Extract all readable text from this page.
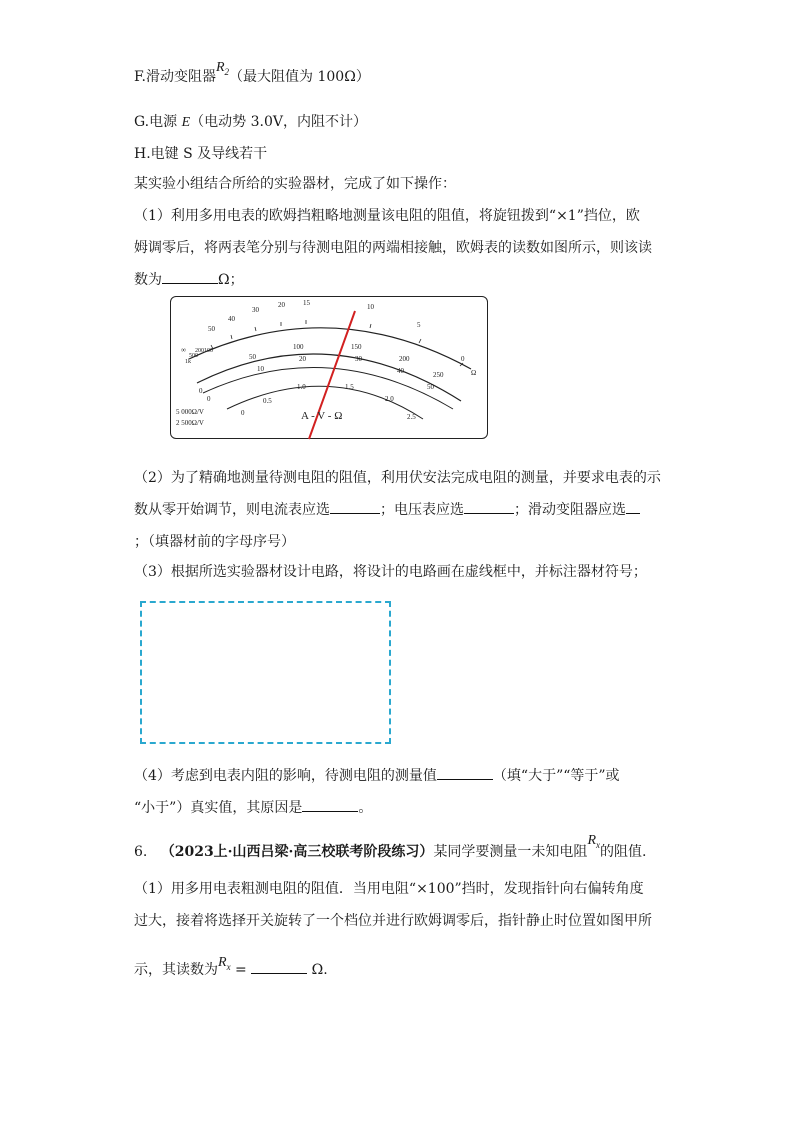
F.滑动变阻器$R_2$（最大阻值为 100Ω）
G.电源 E（电动势 3.0V，内阻不计）
H.电键 S 及导线若干
某实验小组结合所给的实验器材，完成了如下操作：
（1）利用多用电表的欧姆挡粗略地测量该电阻的阻值，将旋钮拨到“×1”挡位，欧
姆调零后，将两表笔分别与待测电阻的两端相接触，欧姆表的读数如图所示，则该读
数为	Ω；
50
40
30
20	15	10
5
0
Ω
∞
1k
500
200100
0
50
100	150
200
250
0
10
20	30
40
50
0
0.5
1.0	1.5
2.0
2.5
A - V - Ω
5 000Ω/V
2 500Ω/V
（2）为了精确地测量待测电阻的阻值，利用伏安法完成电阻的测量，并要求电表的示
数从零开始调节，则电流表应选	；电压表应选	；滑动变阻器应选
；（填器材前的字母序号）
（3）根据所选实验器材设计电路，将设计的电路画在虚线框中，并标注器材符号；
（4）考虑到电表内阻的影响，待测电阻的测量值	（填“大于”“等于”或
“小于”）真实值，其原因是	。
6. （2023上·山西吕梁·高三校联考阶段练习）某同学要测量一未知电阻$R_x$的阻值.
（1）用多用电表粗测电阻的阻值．当用电阻“×100”挡时，发现指针向右偏转角度
过大，接着将选择开关旋转了一个档位并进行欧姆调零后，指针静止时位置如图甲所
示，其读数为$R_x$ =	Ω.
